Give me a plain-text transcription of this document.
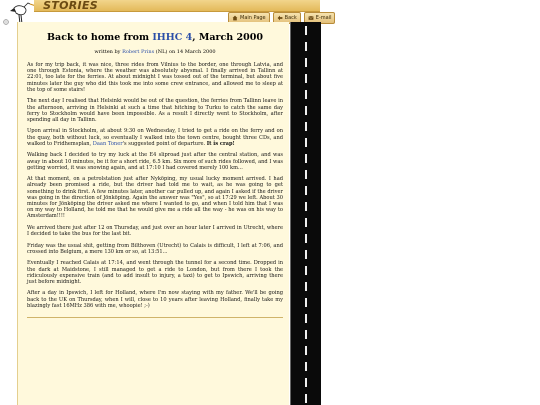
STORIES
Main Page	Back	E-mail
Back to home from IHHC 4, March 2000
written by Robert Prins (NL) on 14 March 2000

As for my trip back, it was nice, three rides from Vilnius to the border, one through Latvia, and one through Estonia, where the weather was absolutely abysmal. I finally arrived in Tallinn at 22:01, too late for the ferries. At about midnight I was tossed out of the terminal, but about five minutes later the guy who did this took me into some crew entrance, and allowed me to sleep at the top of some stairs!

The next day I realised that Helsinki would be out of the question, the ferries from Tallinn leave in the afternoon, arriving in Helsinki at such a time that hitching to Turku to catch the same day ferry to Stockholm would have been impossible. As a result I directly went to Stockholm, after spending all day in Tallinn.

Upon arrival in Stockholm, at about 9:30 on Wednesday, I tried to get a ride on the ferry and on the quay, both without luck, so eventually I walked into the town centre, bought three CDs, and walked to Fridhemsplan, Daan Toner's suggested point of departure. It is crap!

Walking back I decided to try my luck at the E4 sliproad just after the central station, and was away in about 10 minutes, be it for a short ride, 6.5 km. Six more of such rides followed, and I was getting worried, it was snowing again, and at 17:10 I had covered merely 100 km...

At that moment, on a petrolstation just after Nyköping, my usual lucky moment arrived. I had already been promised a ride, but the driver had told me to wait, as he was going to get something to drink first. A few minutes later, another car pulled up, and again I asked if the driver was going in the direction of Jönköping. Again the answer was "Yes", so at 17:29 we left. About 30 minutes for Jönköping the driver asked me where I wanted to go, and when I told him that I was on my way to Holland, he told me that he would give me a ride all the way - he was on his way to Amsterdam!!!!

We arrived there just after 12 on Thursday, and just over an hour later I arrived in Utrecht, where I decided to take the bus for the last bit.

Friday was the usual shit, getting from Bilthoven (Utrecht) to Calais is difficult, I left at 7:06, and crossed into Belgium, a mere 130 km or so, at 13:51...

Eventually I reached Calais at 17:14, and went through the tunnel for a second time. Dropped in the dark at Maidstone, I still managed to get a ride to London, but from there I took the ridiculously expensive train (and to add insult to injury, a taxi) to get to Ipswich, arriving there just before midnight.

After a day in Ipswich, I left for Holland, where I'm now staying with my father. We'll be going back to the UK on Thursday, when I will, close to 10 years after leaving Holland, finally take my blazingly fast 16MHz 386 with me, whoopie! ;-)
